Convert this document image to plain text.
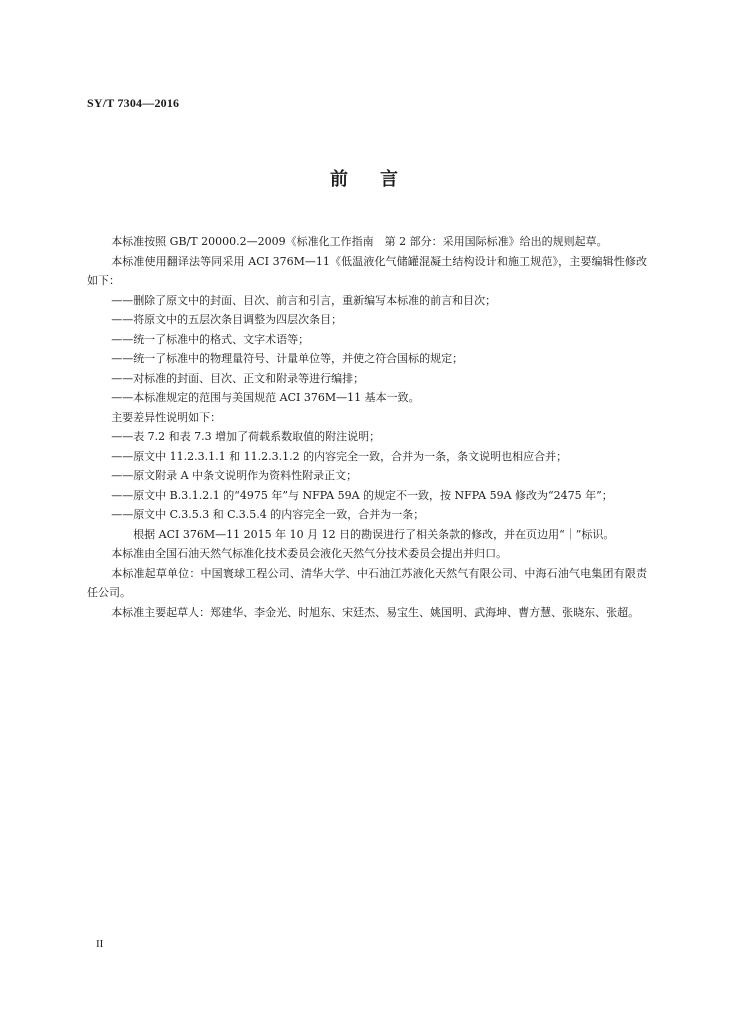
SY/T 7304—2016
前 言

本标准按照 GB/T 20000.2—2009《标准化工作指南　第 2 部分：采用国际标准》给出的规则起草。

本标准使用翻译法等同采用 ACI 376M—11《低温液化气储罐混凝土结构设计和施工规范》，主要编辑性修改如下：

——删除了原文中的封面、目次、前言和引言，重新编写本标准的前言和目次；

——将原文中的五层次条目调整为四层次条目；

——统一了标准中的格式、文字术语等；

——统一了标准中的物理量符号、计量单位等，并使之符合国标的规定；

——对标准的封面、目次、正文和附录等进行编排；

——本标准规定的范围与美国规范 ACI 376M—11 基本一致。

主要差异性说明如下：

——表 7.2 和表 7.3 增加了荷载系数取值的附注说明；

——原文中 11.2.3.1.1 和 11.2.3.1.2 的内容完全一致，合并为一条，条文说明也相应合并；

——原文附录 A 中条文说明作为资料性附录正文；

——原文中 B.3.1.2.1 的“4975 年”与 NFPA 59A 的规定不一致，按 NFPA 59A 修改为“2475 年”；

——原文中 C.3.5.3 和 C.3.5.4 的内容完全一致，合并为一条；

　　根据 ACI 376M—11 2015 年 10 月 12 日的勘误进行了相关条款的修改，并在页边用“｜”标识。

本标准由全国石油天然气标准化技术委员会液化天然气分技术委员会提出并归口。

本标准起草单位：中国寰球工程公司、清华大学、中石油江苏液化天然气有限公司、中海石油气电集团有限责任公司。

本标准主要起草人：郑建华、李金光、时旭东、宋廷杰、易宝生、姚国明、武海坤、曹方慧、张晓东、张超。

II
